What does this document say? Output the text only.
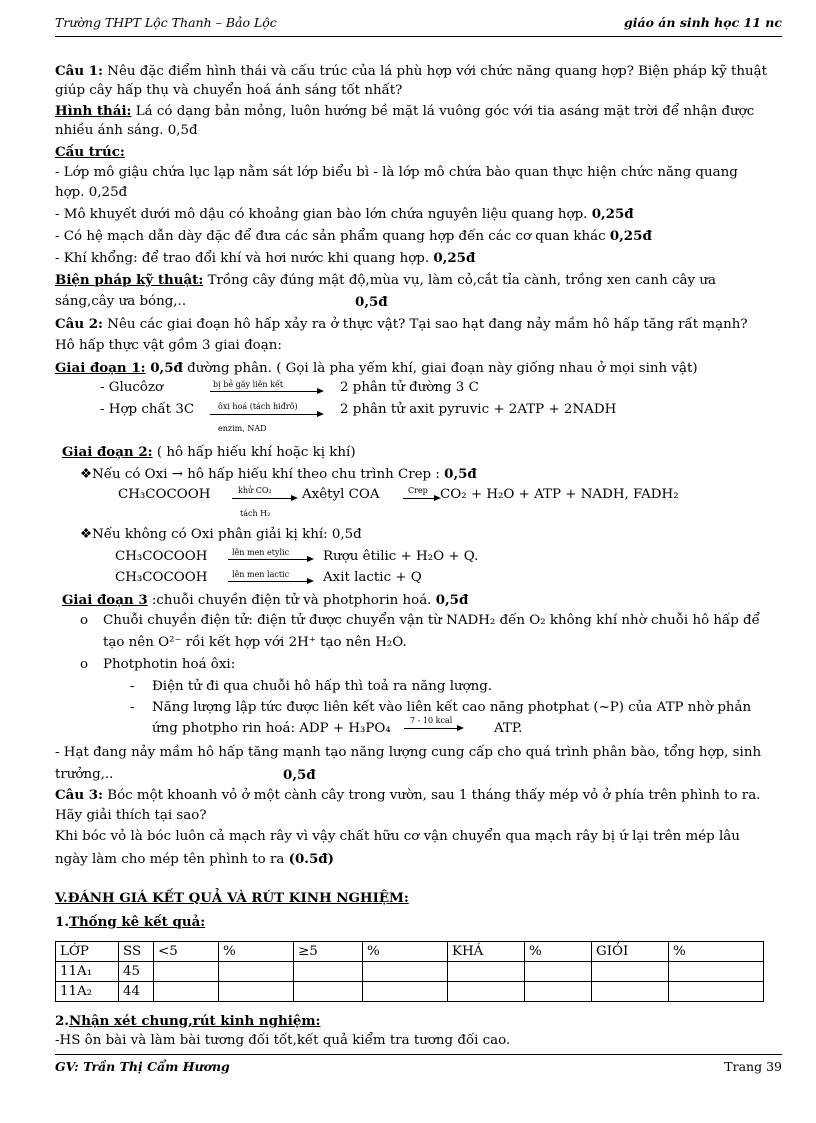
Trường THPT Lộc Thanh – Bảo Lộc	giáo án sinh học 11 nc
Câu 1: Nêu đặc điểm hình thái và cấu trúc của lá phù hợp với chức năng quang hợp? Biện pháp kỹ thuật
giúp cây hấp thụ và chuyển hoá ánh sáng tốt nhất?
Hình thái: Lá có dạng bản mỏng, luôn hướng bề mặt lá vuông góc với tia asáng mặt trời để nhận được
nhiều ánh sáng. 0,5đ
Cấu trúc:
- Lớp mô giậu chứa lục lạp nằm sát lớp biểu bì - là lớp mô chứa bào quan thực hiện chức năng quang
hợp. 0,25đ
- Mô khuyết dưới mô dậu có khoảng gian bào lớn chứa nguyên liệu quang hợp. 0,25đ
- Có hệ mạch dẫn dày đặc để đưa các sản phẩm quang hợp đến các cơ quan khác 0,25đ
- Khí khổng: để trao đổi khí và hơi nước khi quang hợp. 0,25đ
Biện pháp kỹ thuật: Trồng cây đúng mật độ,mùa vụ, làm cỏ,cắt tỉa cành, trồng xen canh cây ưa
sáng,cây ưa bóng,..	0,5đ
Câu 2: Nêu các giai đoạn hô hấp xảy ra ở thực vật? Tại sao hạt đang nảy mầm hô hấp tăng rất mạnh?
Hô hấp thực vật gồm 3 giai đoạn:
Giai đoạn 1: 0,5đ đường phân. ( Gọi là pha yếm khí, giai đoạn này giống nhau ở mọi sinh vật)
- Glucôzơ	bị bẻ gãy liên kết	2 phân tử đường 3 C
- Hợp chất 3C	ôxi hoá (tách hiđrô)
enzim, NAD
2 phân tử axit pyruvic + 2ATP + 2NADH
Giai đoạn 2: ( hô hấp hiếu khí hoặc kị khí)
❖Nếu có Oxi → hô hấp hiếu khí theo chu trình Crep : 0,5đ
CH₃COCOOH	khử CO₂
tách H₂
Axêtyl COA	Crep CO₂ + H₂O + ATP + NADH, FADH₂
❖Nếu không có Oxi phân giải kị khí: 0,5đ
CH₃COCOOH	lên men etylic	Rượu êtilic + H₂O + Q.
CH₃COCOOH	lên men lactic	Axit lactic + Q
Giai đoạn 3 :chuỗi chuyền điện tử và photphorin hoá. 0,5đ
o Chuỗi chuyền điện tử: điện tử được chuyển vận từ NADH₂ đến O₂ không khí nhờ chuỗi hô hấp để
tạo nên O²⁻ rồi kết hợp với 2H⁺ tạo nên H₂O.
o Photphotin hoá ôxi:
- Điện tử đi qua chuỗi hô hấp thì toả ra năng lượng.
- Năng lượng lập tức được liên kết vào liên kết cao năng photphat (~P) của ATP nhờ phản
ứng photpho rin hoá: ADP + H₃PO₄
7 - 10 kcal
ATP.
- Hạt đang nảy mầm hô hấp tăng mạnh tạo năng lượng cung cấp cho quá trình phân bào, tổng hợp, sinh
trưởng,..	0,5đ
Câu 3: Bóc một khoanh vỏ ở một cành cây trong vườn, sau 1 tháng thấy mép vỏ ở phía trên phình to ra.
Hãy giải thích tại sao?
Khi bóc vỏ là bóc luôn cả mạch rây vì vậy chất hữu cơ vận chuyển qua mạch rây bị ứ lại trên mép lâu
ngày làm cho mép tên phình to ra (0.5đ)
V.ĐÁNH GIÁ KẾT QUẢ VÀ RÚT KINH NGHIỆM:
1.Thống kê kết quả:
LỚP	SS	<5	%	≥5	%	KHÁ	%	GIỎI	%
11A₁	45								
11A₂	44								
2.Nhận xét chung,rút kinh nghiệm:
-HS ôn bài và làm bài tương đối tốt,kết quả kiểm tra tương đối cao.
GV: Trần Thị Cẩm Hương	Trang 39
